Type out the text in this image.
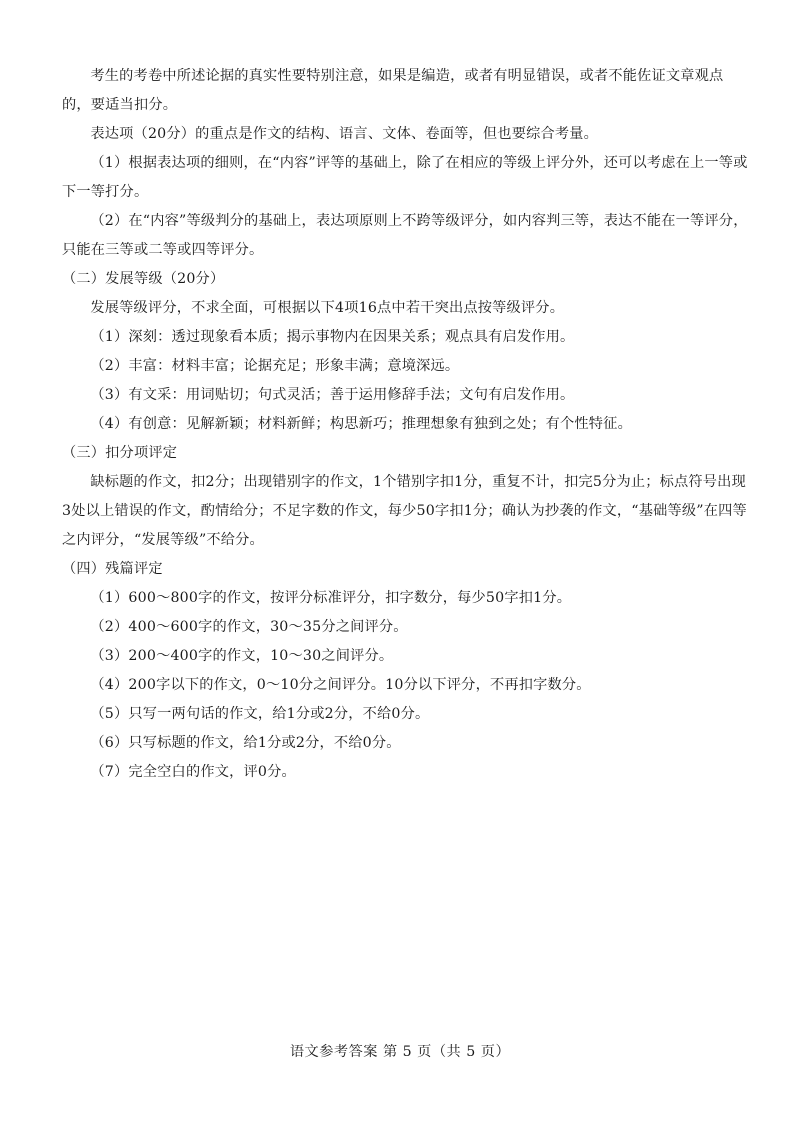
考生的考卷中所述论据的真实性要特别注意，如果是编造，或者有明显错误，或者不能佐证文章观点的，要适当扣分。

表达项（20分）的重点是作文的结构、语言、文体、卷面等，但也要综合考量。

（1）根据表达项的细则，在“内容”评等的基础上，除了在相应的等级上评分外，还可以考虑在上一等或下一等打分。

（2）在“内容”等级判分的基础上，表达项原则上不跨等级评分，如内容判三等，表达不能在一等评分，只能在三等或二等或四等评分。

（二）发展等级（20分）

发展等级评分，不求全面，可根据以下4项16点中若干突出点按等级评分。

（1）深刻：透过现象看本质；揭示事物内在因果关系；观点具有启发作用。

（2）丰富：材料丰富；论据充足；形象丰满；意境深远。

（3）有文采：用词贴切；句式灵活；善于运用修辞手法；文句有启发作用。

（4）有创意：见解新颖；材料新鲜；构思新巧；推理想象有独到之处；有个性特征。

（三）扣分项评定

缺标题的作文，扣2分；出现错别字的作文，1个错别字扣1分，重复不计，扣完5分为止；标点符号出现3处以上错误的作文，酌情给分；不足字数的作文，每少50字扣1分；确认为抄袭的作文，“基础等级”在四等之内评分，“发展等级”不给分。

（四）残篇评定

（1）600～800字的作文，按评分标准评分，扣字数分，每少50字扣1分。

（2）400～600字的作文，30～35分之间评分。

（3）200～400字的作文，10～30之间评分。

（4）200字以下的作文，0～10分之间评分。10分以下评分，不再扣字数分。

（5）只写一两句话的作文，给1分或2分，不给0分。

（6）只写标题的作文，给1分或2分，不给0分。

（7）完全空白的作文，评0分。

语文参考答案 第 5 页（共 5 页）
